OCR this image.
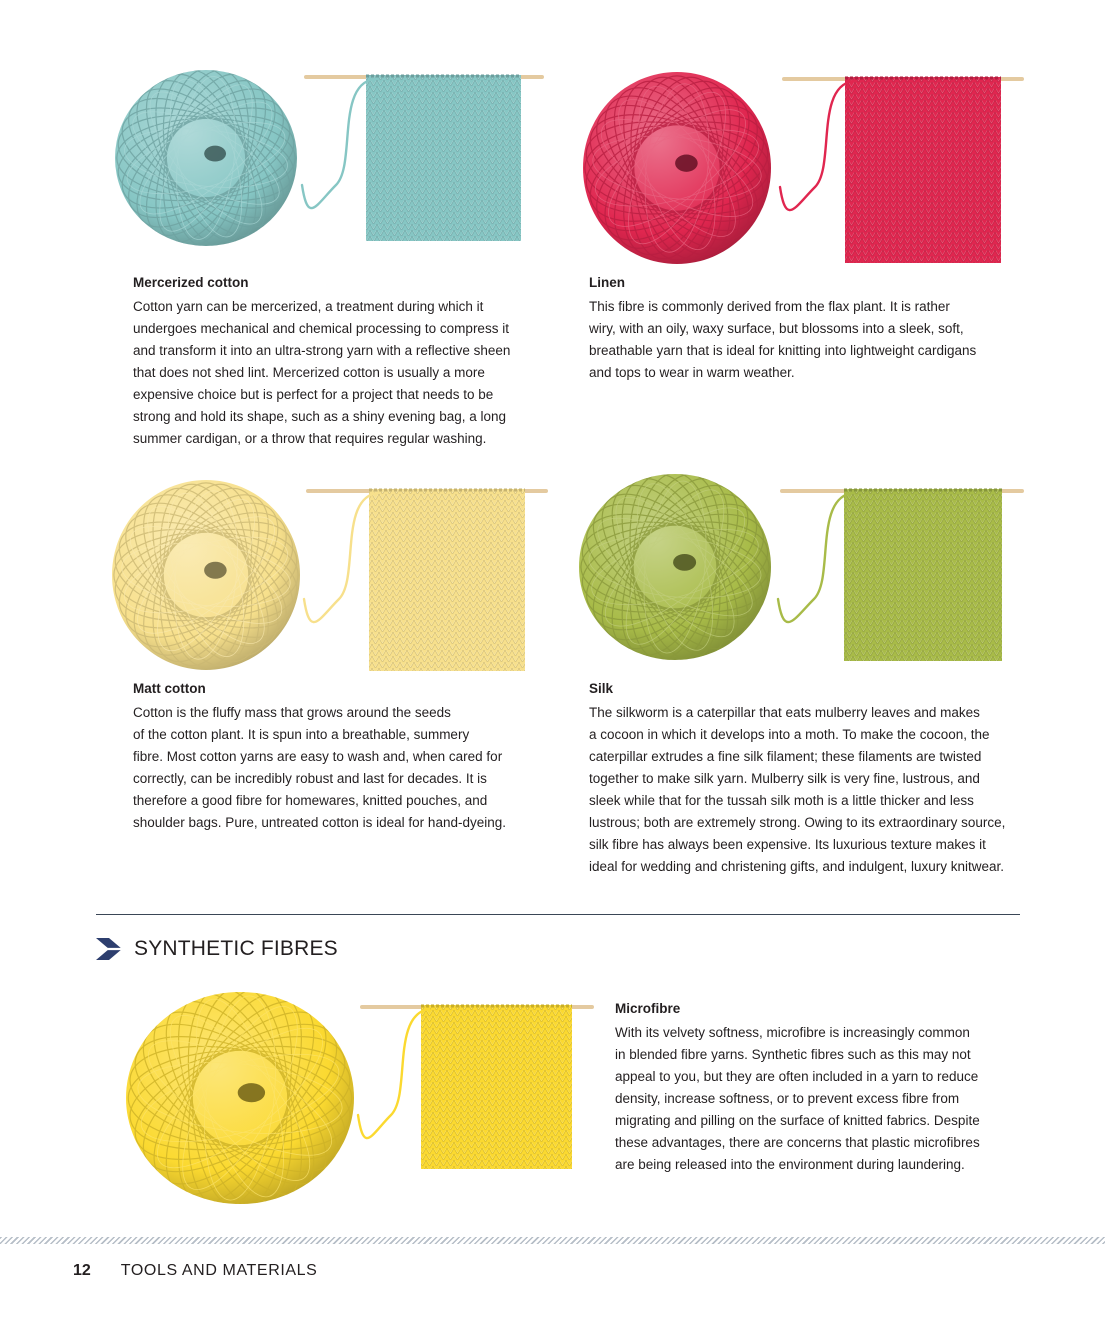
Mercerized cotton

Cotton yarn can be mercerized, a treatment during which it
undergoes mechanical and chemical processing to compress it
and transform it into an ultra-strong yarn with a reflective sheen
that does not shed lint. Mercerized cotton is usually a more
expensive choice but is perfect for a project that needs to be
strong and hold its shape, such as a shiny evening bag, a long
summer cardigan, or a throw that requires regular washing.

Linen

This fibre is commonly derived from the flax plant. It is rather
wiry, with an oily, waxy surface, but blossoms into a sleek, soft,
breathable yarn that is ideal for knitting into lightweight cardigans
and tops to wear in warm weather.

Matt cotton

Cotton is the fluffy mass that grows around the seeds
of the cotton plant. It is spun into a breathable, summery
fibre. Most cotton yarns are easy to wash and, when cared for
correctly, can be incredibly robust and last for decades. It is
therefore a good fibre for homewares, knitted pouches, and
shoulder bags. Pure, untreated cotton is ideal for hand-dyeing.

Silk

The silkworm is a caterpillar that eats mulberry leaves and makes
a cocoon in which it develops into a moth. To make the cocoon, the
caterpillar extrudes a fine silk filament; these filaments are twisted
together to make silk yarn. Mulberry silk is very fine, lustrous, and
sleek while that for the tussah silk moth is a little thicker and less
lustrous; both are extremely strong. Owing to its extraordinary source,
silk fibre has always been expensive. Its luxurious texture makes it
ideal for wedding and christening gifts, and indulgent, luxury knitwear.

SYNTHETIC FIBRES
Microfibre

With its velvety softness, microfibre is increasingly common
in blended fibre yarns. Synthetic fibres such as this may not
appeal to you, but they are often included in a yarn to reduce
density, increase softness, or to prevent excess fibre from
migrating and pilling on the surface of knitted fabrics. Despite
these advantages, there are concerns that plastic microfibres
are being released into the environment during laundering.

12 TOOLS AND MATERIALS
